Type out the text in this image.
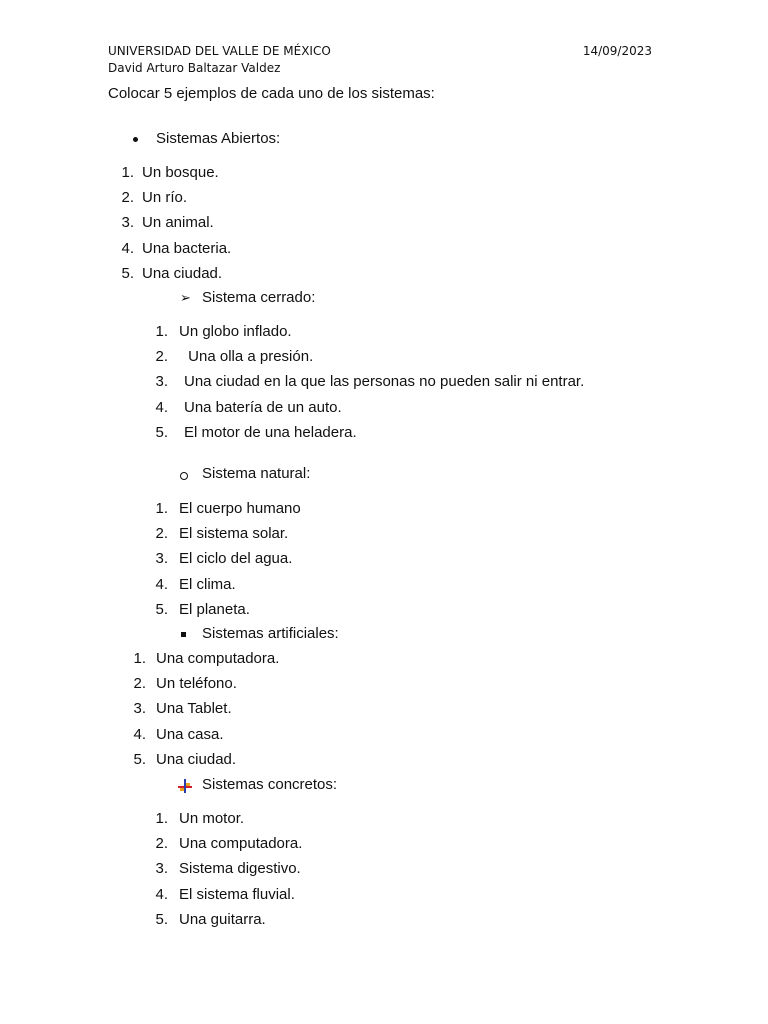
UNIVERSIDAD DEL VALLE DE MÉXICO	14/09/2023
David Arturo Baltazar Valdez
Colocar 5 ejemplos de cada uno de los sistemas:
Sistemas Abiertos:
1. Un bosque.
2. Un río.
3. Un animal.
4. Una bacteria.
5. Una ciudad.
➢ Sistema cerrado:
1. Un globo inflado.
2. Una olla a presión.
3. Una ciudad en la que las personas no pueden salir ni entrar.
4. Una batería de un auto.
5. El motor de una heladera.
Sistema natural:
1. El cuerpo humano
2. El sistema solar.
3. El ciclo del agua.
4. El clima.
5. El planeta.
Sistemas artificiales:
1. Una computadora.
2. Un teléfono.
3. Una Tablet.
4. Una casa.
5. Una ciudad.
Sistemas concretos:
1. Un motor.
2. Una computadora.
3. Sistema digestivo.
4. El sistema fluvial.
5. Una guitarra.
